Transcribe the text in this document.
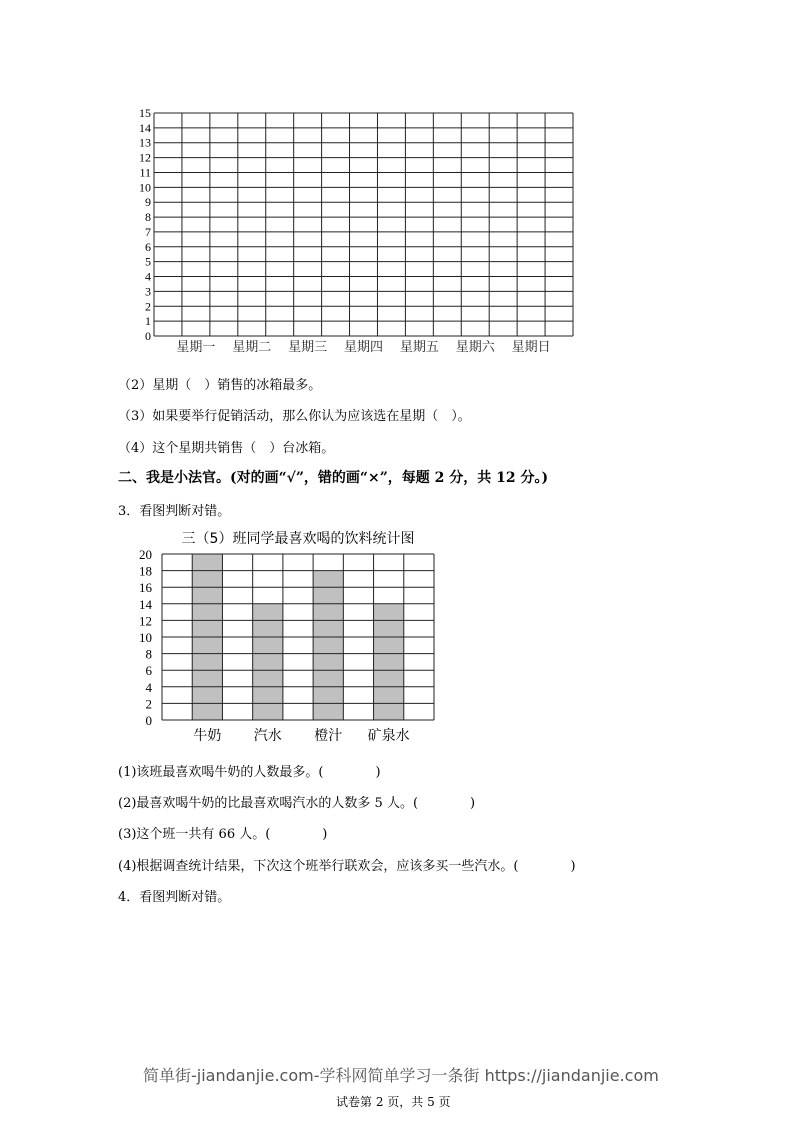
0
1
2
3
4
5
6
7
8
9
10
11
12
13
14
15
星期一 星期二 星期三 星期四 星期五 星期六 星期日
（2）星期（　）销售的冰箱最多。
（3）如果要举行促销活动，那么你认为应该选在星期（　）。
（4）这个星期共销售（　）台冰箱。
二、我是小法官。(对的画“√”，错的画“×”，每题 2 分，共 12 分。)
3．看图判断对错。
三（5）班同学最喜欢喝的饮料统计图
0
2
4
6
8
10
12
14
16
18
20
牛奶 汽水 橙汁 矿泉水
(1)该班最喜欢喝牛奶的人数最多。(　　　　)
(2)最喜欢喝牛奶的比最喜欢喝汽水的人数多 5 人。(　　　　)
(3)这个班一共有 66 人。(　　　　)
(4)根据调查统计结果，下次这个班举行联欢会，应该多买一些汽水。(　　　　)
4．看图判断对错。
简单街-jiandanjie.com-学科网简单学习一条街 https://jiandanjie.com
试卷第 2 页，共 5 页
